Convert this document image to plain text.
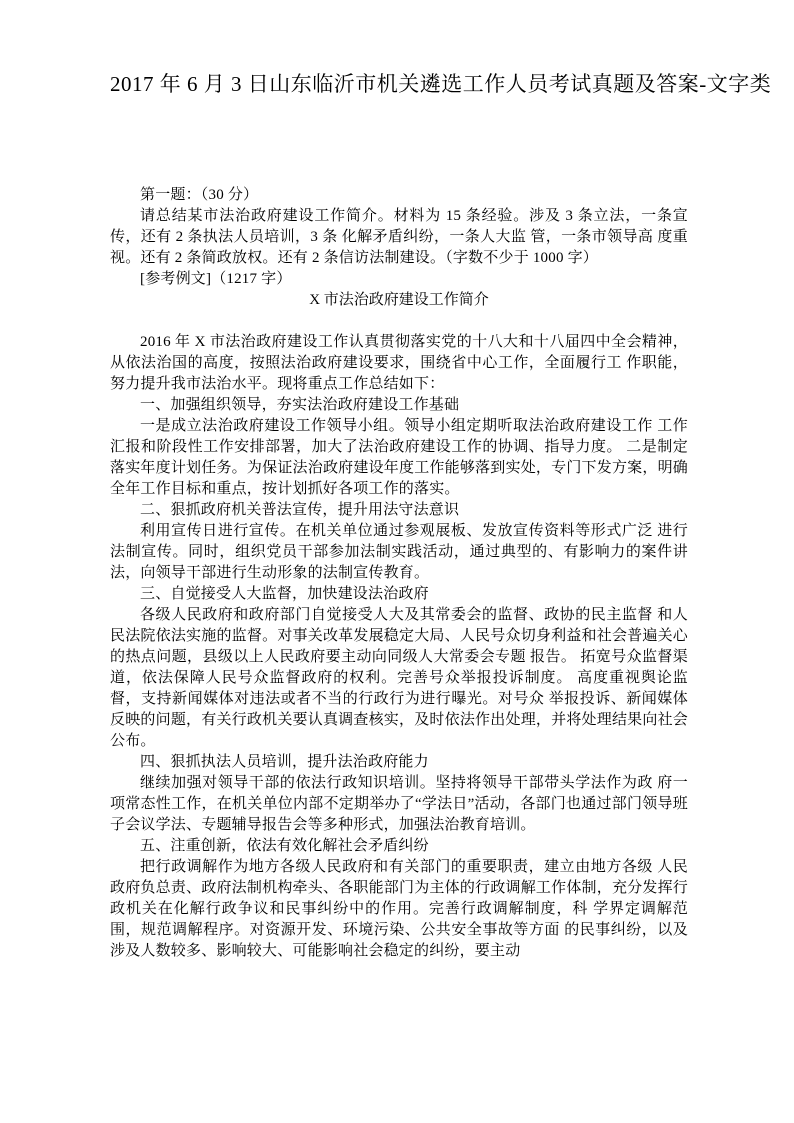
2017 年 6 月 3 日山东临沂市机关遴选工作人员考试真题及答案-文字类

第一题：（30 分）

请总结某市法治政府建设工作简介。材料为 15 条经验。涉及 3 条立法，一条宣传，还有 2 条执法人员培训，3 条 化解矛盾纠纷，一条人大监 管，一条市领导高 度重视。还有 2 条简政放权。还有 2 条信访法制建设。（字数不少于 1000 字）

[参考例文]（1217 字）

X 市法治政府建设工作简介

2016 年 X 市法治政府建设工作认真贯彻落实党的十八大和十八届四中全会精神，从依法治国的高度，按照法治政府建设要求，围绕省中心工作，全面履行工 作职能，努力提升我市法治水平。现将重点工作总结如下：

一、加强组织领导，夯实法治政府建设工作基础

一是成立法治政府建设工作领导小组。领导小组定期听取法治政府建设工作 工作汇报和阶段性工作安排部署，加大了法治政府建设工作的协调、指导力度。 二是制定落实年度计划任务。为保证法治政府建设年度工作能够落到实处，专门下发方案，明确全年工作目标和重点，按计划抓好各项工作的落实。

二、狠抓政府机关普法宣传，提升用法守法意识

利用宣传日进行宣传。在机关单位通过参观展板、发放宣传资料等形式广泛 进行法制宣传。同时，组织党员干部参加法制实践活动，通过典型的、有影响力的案件讲法，向领导干部进行生动形象的法制宣传教育。

三、自觉接受人大监督，加快建设法治政府

各级人民政府和政府部门自觉接受人大及其常委会的监督、政协的民主监督 和人民法院依法实施的监督。对事关改革发展稳定大局、人民号众切身利益和社会普遍关心的热点问题，县级以上人民政府要主动向同级人大常委会专题 报告。 拓宽号众监督渠道，依法保障人民号众监督政府的权利。完善号众举报投诉制度。 高度重视舆论监督，支持新闻媒体对违法或者不当的行政行为进行曝光。对号众 举报投诉、新闻媒体反映的问题，有关行政机关要认真调查核实，及时依法作出处理，并将处理结果向社会公布。

四、狠抓执法人员培训，提升法治政府能力

继续加强对领导干部的依法行政知识培训。坚持将领导干部带头学法作为政 府一项常态性工作，在机关单位内部不定期举办了“学法日”活动，各部门也通过部门领导班子会议学法、专题辅导报告会等多种形式，加强法治教育培训。

五、注重创新，依法有效化解社会矛盾纠纷

把行政调解作为地方各级人民政府和有关部门的重要职责，建立由地方各级 人民政府负总责、政府法制机构牵头、各职能部门为主体的行政调解工作体制，充分发挥行政机关在化解行政争议和民事纠纷中的作用。完善行政调解制度，科 学界定调解范围，规范调解程序。对资源开发、环境污染、公共安全事故等方面 的民事纠纷，以及涉及人数较多、影响较大、可能影响社会稳定的纠纷，要主动
